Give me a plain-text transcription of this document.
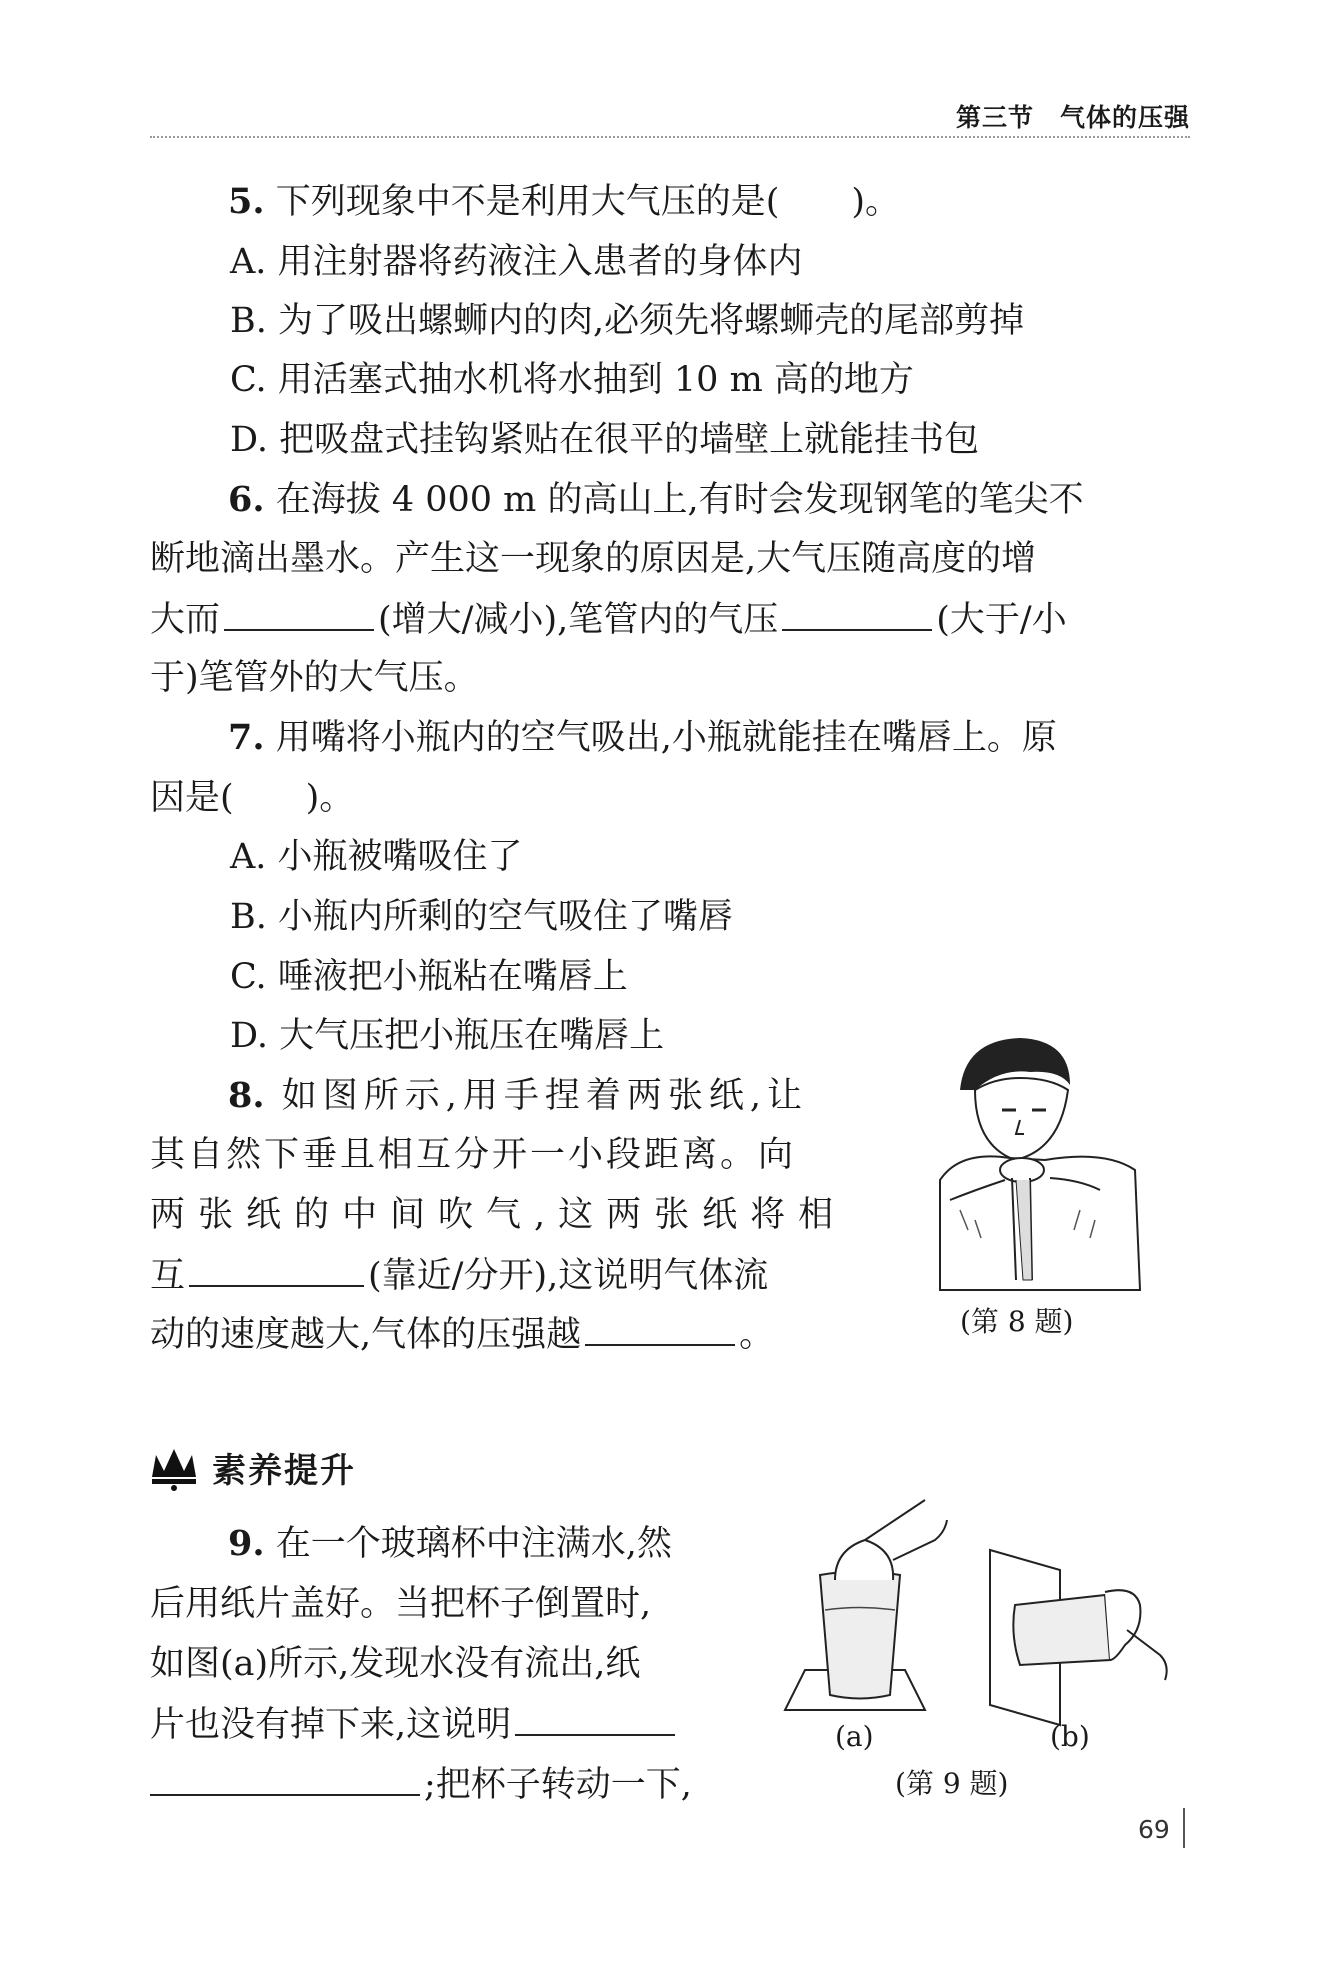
第三节　气体的压强
5. 下列现象中不是利用大气压的是( )。
A. 用注射器将药液注入患者的身体内
B. 为了吸出螺蛳内的肉,必须先将螺蛳壳的尾部剪掉
C. 用活塞式抽水机将水抽到 10 m 高的地方
D. 把吸盘式挂钩紧贴在很平的墙壁上就能挂书包
6. 在海拔 4 000 m 的高山上,有时会发现钢笔的笔尖不
断地滴出墨水。产生这一现象的原因是,大气压随高度的增
大而	(增大/减小),笔管内的气压	(大于/小
于)笔管外的大气压。
7. 用嘴将小瓶内的空气吸出,小瓶就能挂在嘴唇上。原
因是( )。
A. 小瓶被嘴吸住了
B. 小瓶内所剩的空气吸住了嘴唇
C. 唾液把小瓶粘在嘴唇上
D. 大气压把小瓶压在嘴唇上
8. 如图所示,用手捏着两张纸,让
其自然下垂且相互分开一小段距离。向
两张纸的中间吹气,这两张纸将相
互	(靠近/分开),这说明气体流
动的速度越大,气体的压强越	。	(第 8 题)
素养提升
9. 在一个玻璃杯中注满水,然
后用纸片盖好。当把杯子倒置时,
如图(a)所示,发现水没有流出,纸
片也没有掉下来,这说明
;把杯子转动一下,
(a)	(b)
(第 9 题)
69
